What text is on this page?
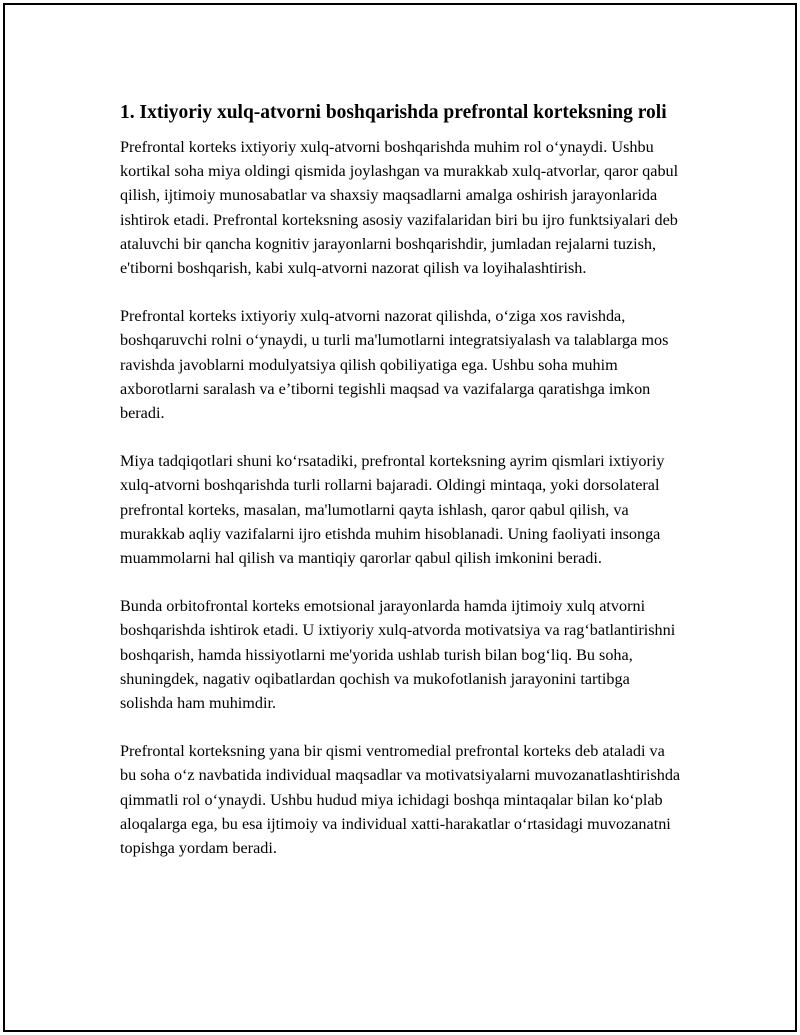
1. Ixtiyoriy xulq-atvorni boshqarishda prefrontal korteksning roli

Prefrontal korteks ixtiyoriy xulq-atvorni boshqarishda muhim rol o‘ynaydi. Ushbu kortikal soha miya oldingi qismida joylashgan va murakkab xulq-atvorlar, qaror qabul qilish, ijtimoiy munosabatlar va shaxsiy maqsadlarni amalga oshirish jarayonlarida ishtirok etadi. Prefrontal korteksning asosiy vazifalaridan biri bu ijro funktsiyalari deb ataluvchi bir qancha kognitiv jarayonlarni boshqarishdir, jumladan rejalarni tuzish, e'tiborni boshqarish, kabi xulq-atvorni nazorat qilish va loyihalashtirish.

Prefrontal korteks ixtiyoriy xulq-atvorni nazorat qilishda, o‘ziga xos ravishda, boshqaruvchi rolni o‘ynaydi, u turli ma'lumotlarni integratsiyalash va talablarga mos ravishda javoblarni modulyatsiya qilish qobiliyatiga ega. Ushbu soha muhim axborotlarni saralash va e’tiborni tegishli maqsad va vazifalarga qaratishga imkon beradi.

Miya tadqiqotlari shuni ko‘rsatadiki, prefrontal korteksning ayrim qismlari ixtiyoriy xulq-atvorni boshqarishda turli rollarni bajaradi. Oldingi mintaqa, yoki dorsolateral prefrontal korteks, masalan, ma'lumotlarni qayta ishlash, qaror qabul qilish, va murakkab aqliy vazifalarni ijro etishda muhim hisoblanadi. Uning faoliyati insonga muammolarni hal qilish va mantiqiy qarorlar qabul qilish imkonini beradi.

Bunda orbitofrontal korteks emotsional jarayonlarda hamda ijtimoiy xulq atvorni boshqarishda ishtirok etadi. U ixtiyoriy xulq-atvorda motivatsiya va rag‘batlantirishni boshqarish, hamda hissiyotlarni me'yorida ushlab turish bilan bog‘liq. Bu soha, shuningdek, nagativ oqibatlardan qochish va mukofotlanish jarayonini tartibga solishda ham muhimdir.

Prefrontal korteksning yana bir qismi ventromedial prefrontal korteks deb ataladi va bu soha o‘z navbatida individual maqsadlar va motivatsiyalarni muvozanatlashtirishda qimmatli rol o‘ynaydi. Ushbu hudud miya ichidagi boshqa mintaqalar bilan ko‘plab aloqalarga ega, bu esa ijtimoiy va individual xatti-harakatlar o‘rtasidagi muvozanatni topishga yordam beradi.
